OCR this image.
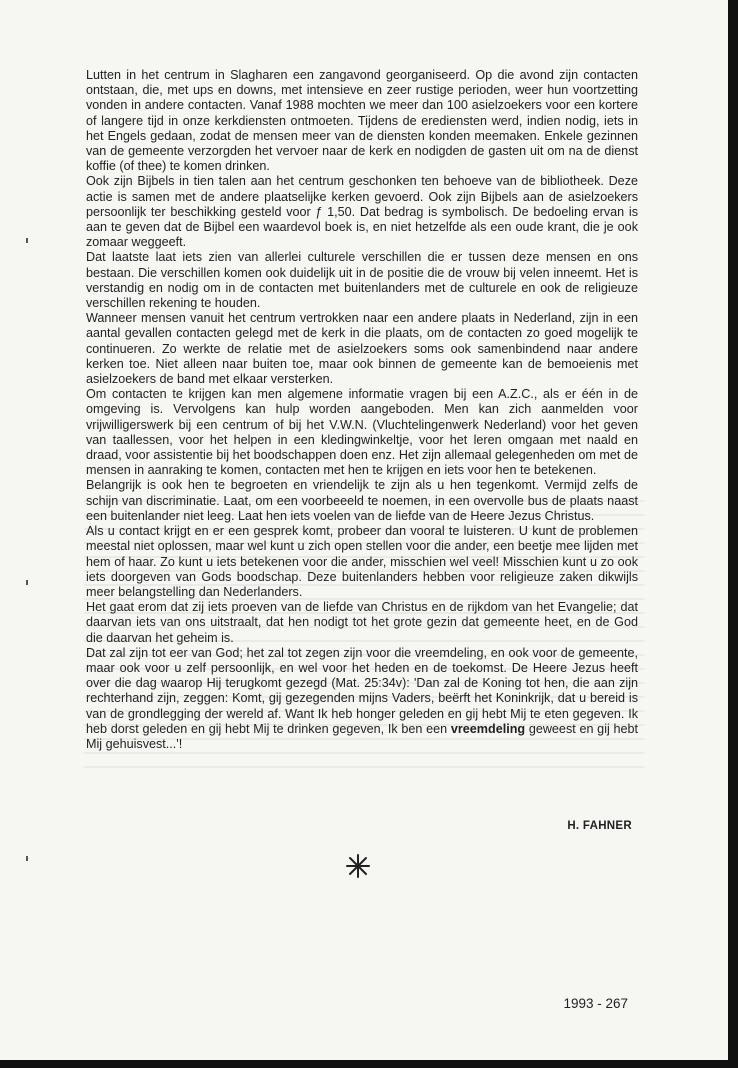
Lutten in het centrum in Slagharen een zangavond georganiseerd. Op die avond zijn contacten ontstaan, die, met ups en downs, met intensieve en zeer rustige perioden, weer hun voortzetting vonden in andere contacten. Vanaf 1988 mochten we meer dan 100 asielzoekers voor een kortere of langere tijd in onze kerkdiensten ontmoeten. Tijdens de erediensten werd, indien nodig, iets in het Engels gedaan, zodat de mensen meer van de diensten konden meemaken. Enkele gezinnen van de gemeente verzorgden het vervoer naar de kerk en nodigden de gasten uit om na de dienst koffie (of thee) te komen drinken.

Ook zijn Bijbels in tien talen aan het centrum geschonken ten behoeve van de bibliotheek. Deze actie is samen met de andere plaatselijke kerken gevoerd. Ook zijn Bijbels aan de asielzoekers persoonlijk ter beschikking gesteld voor ƒ 1,50. Dat bedrag is symbolisch. De bedoeling ervan is aan te geven dat de Bijbel een waardevol boek is, en niet hetzelfde als een oude krant, die je ook zomaar weggeeft.

Dat laatste laat iets zien van allerlei culturele verschillen die er tussen deze mensen en ons bestaan. Die verschillen komen ook duidelijk uit in de positie die de vrouw bij velen inneemt. Het is verstandig en nodig om in de contacten met buitenlanders met de culturele en ook de religieuze verschillen rekening te houden.

Wanneer mensen vanuit het centrum vertrokken naar een andere plaats in Nederland, zijn in een aantal gevallen contacten gelegd met de kerk in die plaats, om de contacten zo goed mogelijk te continueren. Zo werkte de relatie met de asielzoekers soms ook samenbindend naar andere kerken toe. Niet alleen naar buiten toe, maar ook binnen de gemeente kan de bemoeienis met asielzoekers de band met elkaar versterken.

Om contacten te krijgen kan men algemene informatie vragen bij een A.Z.C., als er één in de omgeving is. Vervolgens kan hulp worden aangeboden. Men kan zich aanmelden voor vrijwilligerswerk bij een centrum of bij het V.W.N. (Vluchtelingenwerk Nederland) voor het geven van taallessen, voor het helpen in een kledingwinkeltje, voor het leren omgaan met naald en draad, voor assistentie bij het boodschappen doen enz. Het zijn allemaal gelegenheden om met de mensen in aanraking te komen, contacten met hen te krijgen en iets voor hen te betekenen.

Belangrijk is ook hen te begroeten en vriendelijk te zijn als u hen tegenkomt. Vermijd zelfs de schijn van discriminatie. Laat, om een voorbeeeld te noemen, in een overvolle bus de plaats naast een buitenlander niet leeg. Laat hen iets voelen van de liefde van de Heere Jezus Christus.

Als u contact krijgt en er een gesprek komt, probeer dan vooral te luisteren. U kunt de problemen meestal niet oplossen, maar wel kunt u zich open stellen voor die ander, een beetje mee lijden met hem of haar. Zo kunt u iets betekenen voor die ander, misschien wel veel! Misschien kunt u zo ook iets doorgeven van Gods boodschap. Deze buitenlanders hebben voor religieuze zaken dikwijls meer belangstelling dan Nederlanders.

Het gaat erom dat zij iets proeven van de liefde van Christus en de rijkdom van het Evangelie; dat daarvan iets van ons uitstraalt, dat hen nodigt tot het grote gezin dat gemeente heet, en de God die daarvan het geheim is.

Dat zal zijn tot eer van God; het zal tot zegen zijn voor die vreemdeling, en ook voor de gemeente, maar ook voor u zelf persoonlijk, en wel voor het heden en de toekomst. De Heere Jezus heeft over die dag waarop Hij terugkomt gezegd (Mat. 25:34v): 'Dan zal de Koning tot hen, die aan zijn rechterhand zijn, zeggen: Komt, gij gezegenden mijns Vaders, beërft het Koninkrijk, dat u bereid is van de grondlegging der wereld af. Want Ik heb honger geleden en gij hebt Mij te eten gegeven. Ik heb dorst geleden en gij hebt Mij te drinken gegeven, Ik ben een vreemdeling geweest en gij hebt Mij gehuisvest...'!

H. FAHNER
1993 - 267
